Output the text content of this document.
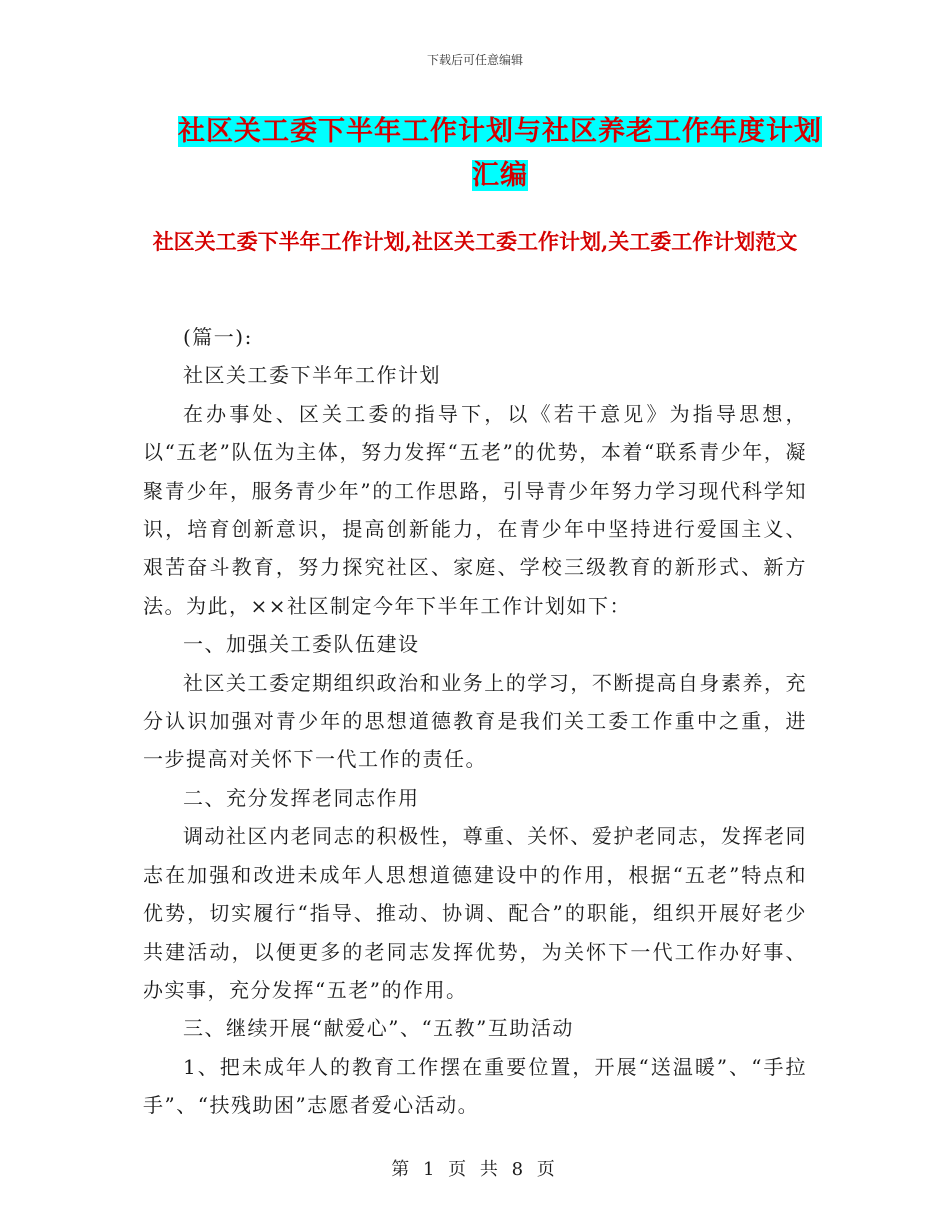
下载后可任意编辑
社区关工委下半年工作计划与社区养老工作年度计划
汇编
社区关工委下半年工作计划,社区关工委工作计划,关工委工作计划范文

(篇一):

社区关工委下半年工作计划

在办事处、区关工委的指导下，以《若干意见》为指导思想，以“五老”队伍为主体，努力发挥“五老”的优势，本着“联系青少年，凝聚青少年，服务青少年”的工作思路，引导青少年努力学习现代科学知识，培育创新意识，提高创新能力，在青少年中坚持进行爱国主义、艰苦奋斗教育，努力探究社区、家庭、学校三级教育的新形式、新方法。为此，××社区制定今年下半年工作计划如下：

一、加强关工委队伍建设

社区关工委定期组织政治和业务上的学习，不断提高自身素养，充分认识加强对青少年的思想道德教育是我们关工委工作重中之重，进一步提高对关怀下一代工作的责任。

二、充分发挥老同志作用

调动社区内老同志的积极性，尊重、关怀、爱护老同志，发挥老同志在加强和改进未成年人思想道德建设中的作用，根据“五老”特点和优势，切实履行“指导、推动、协调、配合”的职能，组织开展好老少共建活动，以便更多的老同志发挥优势，为关怀下一代工作办好事、办实事，充分发挥“五老”的作用。

三、继续开展“献爱心”、“五教”互助活动

1、把未成年人的教育工作摆在重要位置，开展“送温暖”、“手拉手”、“扶残助困”志愿者爱心活动。

第 1 页 共 8 页
